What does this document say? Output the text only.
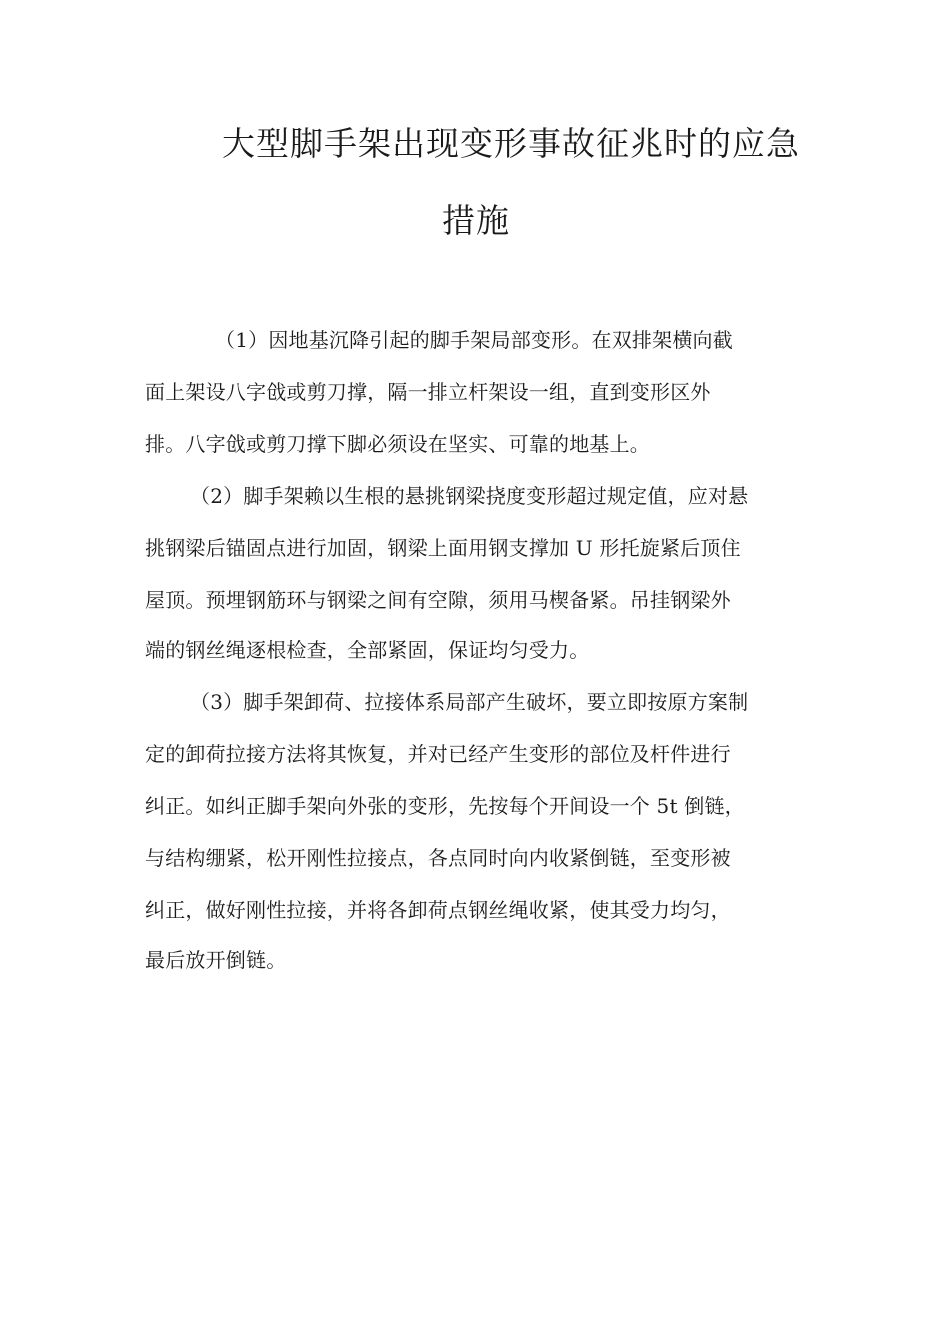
大型脚手架出现变形事故征兆时的应急
措施
（1）因地基沉降引起的脚手架局部变形。在双排架横向截
面上架设八字戗或剪刀撑，隔一排立杆架设一组，直到变形区外
排。八字戗或剪刀撑下脚必须设在坚实、可靠的地基上。
（2）脚手架赖以生根的悬挑钢梁挠度变形超过规定值，应对悬
挑钢梁后锚固点进行加固，钢梁上面用钢支撑加 U 形托旋紧后顶住
屋顶。预埋钢筋环与钢梁之间有空隙，须用马楔备紧。吊挂钢梁外
端的钢丝绳逐根检查，全部紧固，保证均匀受力。
（3）脚手架卸荷、拉接体系局部产生破坏，要立即按原方案制
定的卸荷拉接方法将其恢复，并对已经产生变形的部位及杆件进行
纠正。如纠正脚手架向外张的变形，先按每个开间设一个 5t 倒链，
与结构绷紧，松开刚性拉接点，各点同时向内收紧倒链，至变形被
纠正，做好刚性拉接，并将各卸荷点钢丝绳收紧，使其受力均匀，
最后放开倒链。
